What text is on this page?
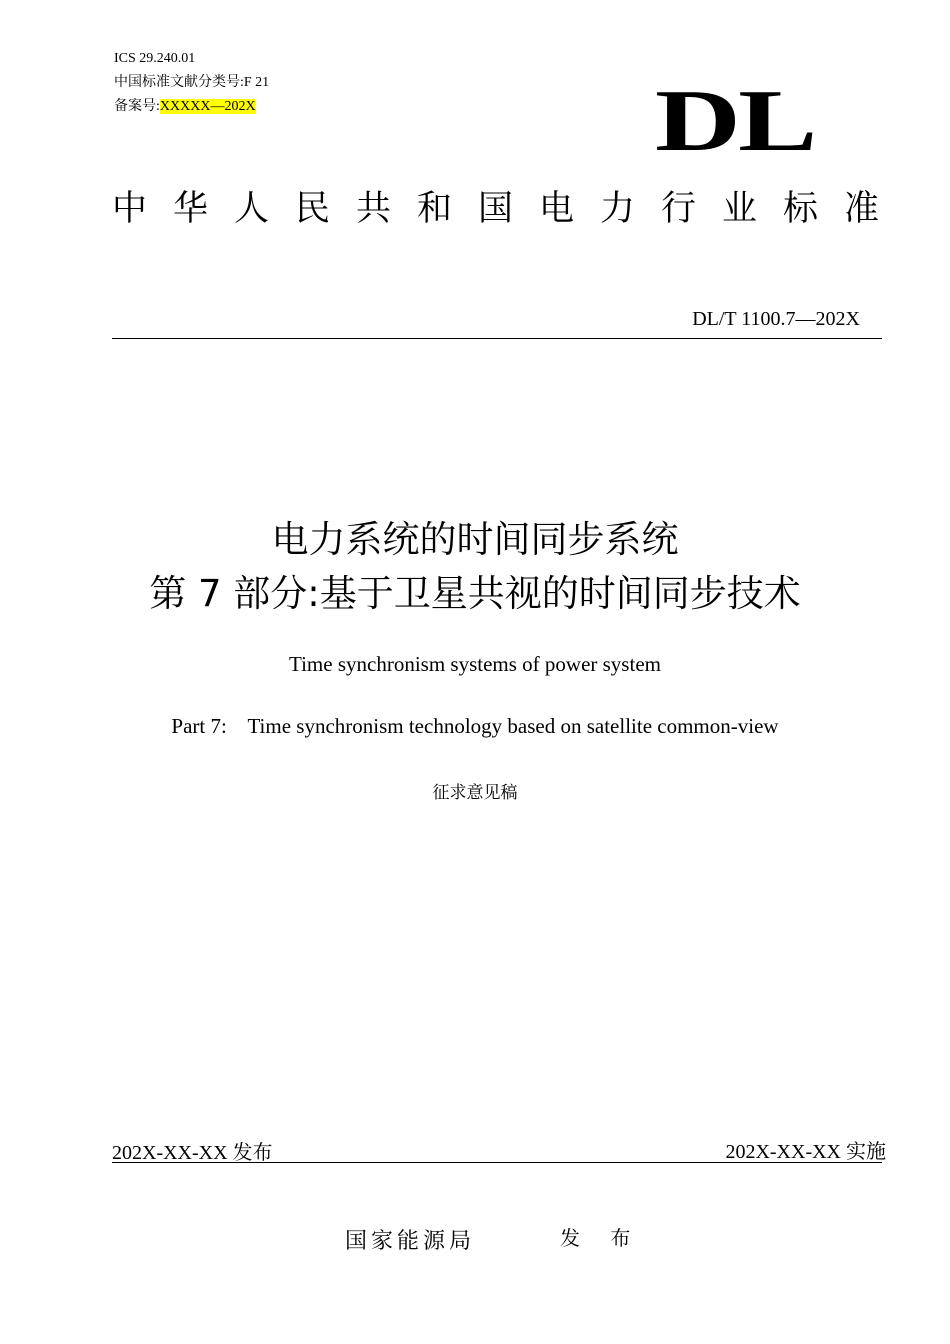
ICS 29.240.01
中国标准文献分类号:F 21
备案号:XXXXX—202X	DL
中华人民共和国电力行业标准
DL/T 1100.7—202X
电力系统的时间同步系统
第 7 部分:基于卫星共视的时间同步技术
Time synchronism systems of power system
Part 7:    Time synchronism technology based on satellite common-view
征求意见稿
202X-XX-XX 发布	202X-XX-XX 实施
国家能源局	发 布
